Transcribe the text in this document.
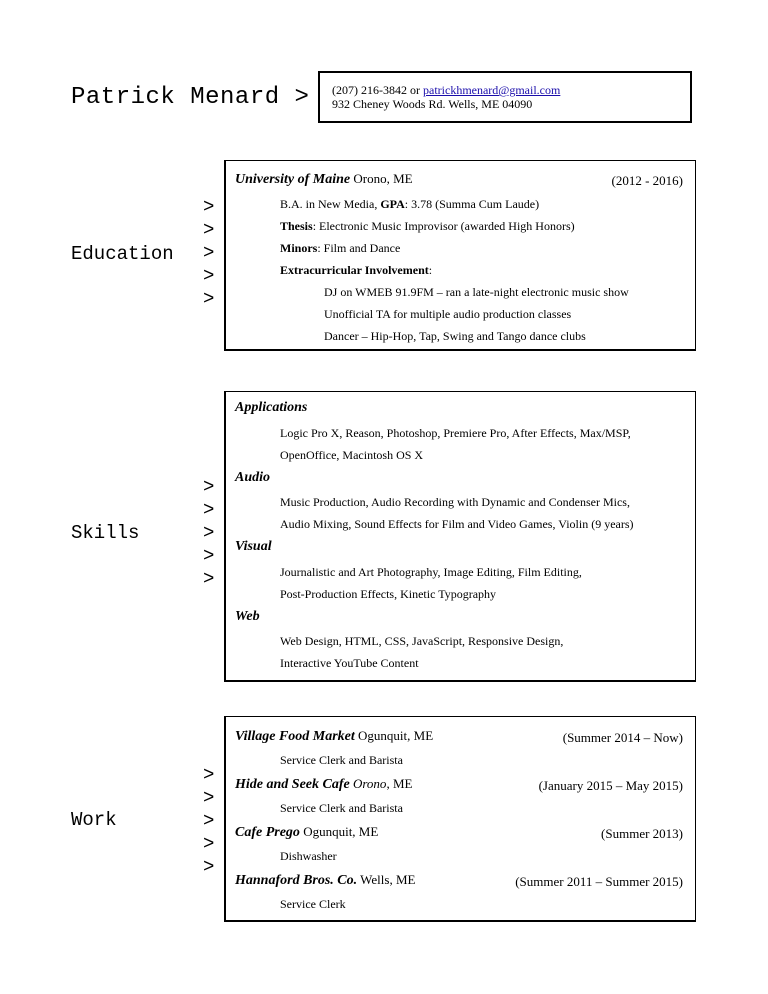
Patrick Menard > (207) 216-3842 or patrickhmenard@gmail.com
932 Cheney Woods Rd. Wells, ME 04090
Education
>
>
>
>
>
University of Maine Orono, ME	(2012 - 2016)
B.A. in New Media, GPA: 3.78 (Summa Cum Laude)
Thesis: Electronic Music Improvisor (awarded High Honors)
Minors: Film and Dance
Extracurricular Involvement:
DJ on WMEB 91.9FM – ran a late-night electronic music show
Unofficial TA for multiple audio production classes
Dancer – Hip-Hop, Tap, Swing and Tango dance clubs
Skills
>
>
>
>
>
Applications
Logic Pro X, Reason, Photoshop, Premiere Pro, After Effects, Max/MSP,
OpenOffice, Macintosh OS X
Audio
Music Production, Audio Recording with Dynamic and Condenser Mics,
Audio Mixing, Sound Effects for Film and Video Games, Violin (9 years)
Visual
Journalistic and Art Photography, Image Editing, Film Editing,
Post-Production Effects, Kinetic Typography
Web
Web Design, HTML, CSS, JavaScript, Responsive Design,
Interactive YouTube Content
Work
>
>
>
>
>
Village Food Market Ogunquit, ME	(Summer 2014 – Now)
Service Clerk and Barista
Hide and Seek Cafe Orono, ME	(January 2015 – May 2015)
Service Clerk and Barista
Cafe Prego Ogunquit, ME	(Summer 2013)
Dishwasher
Hannaford Bros. Co. Wells, ME	(Summer 2011 – Summer 2015)
Service Clerk
